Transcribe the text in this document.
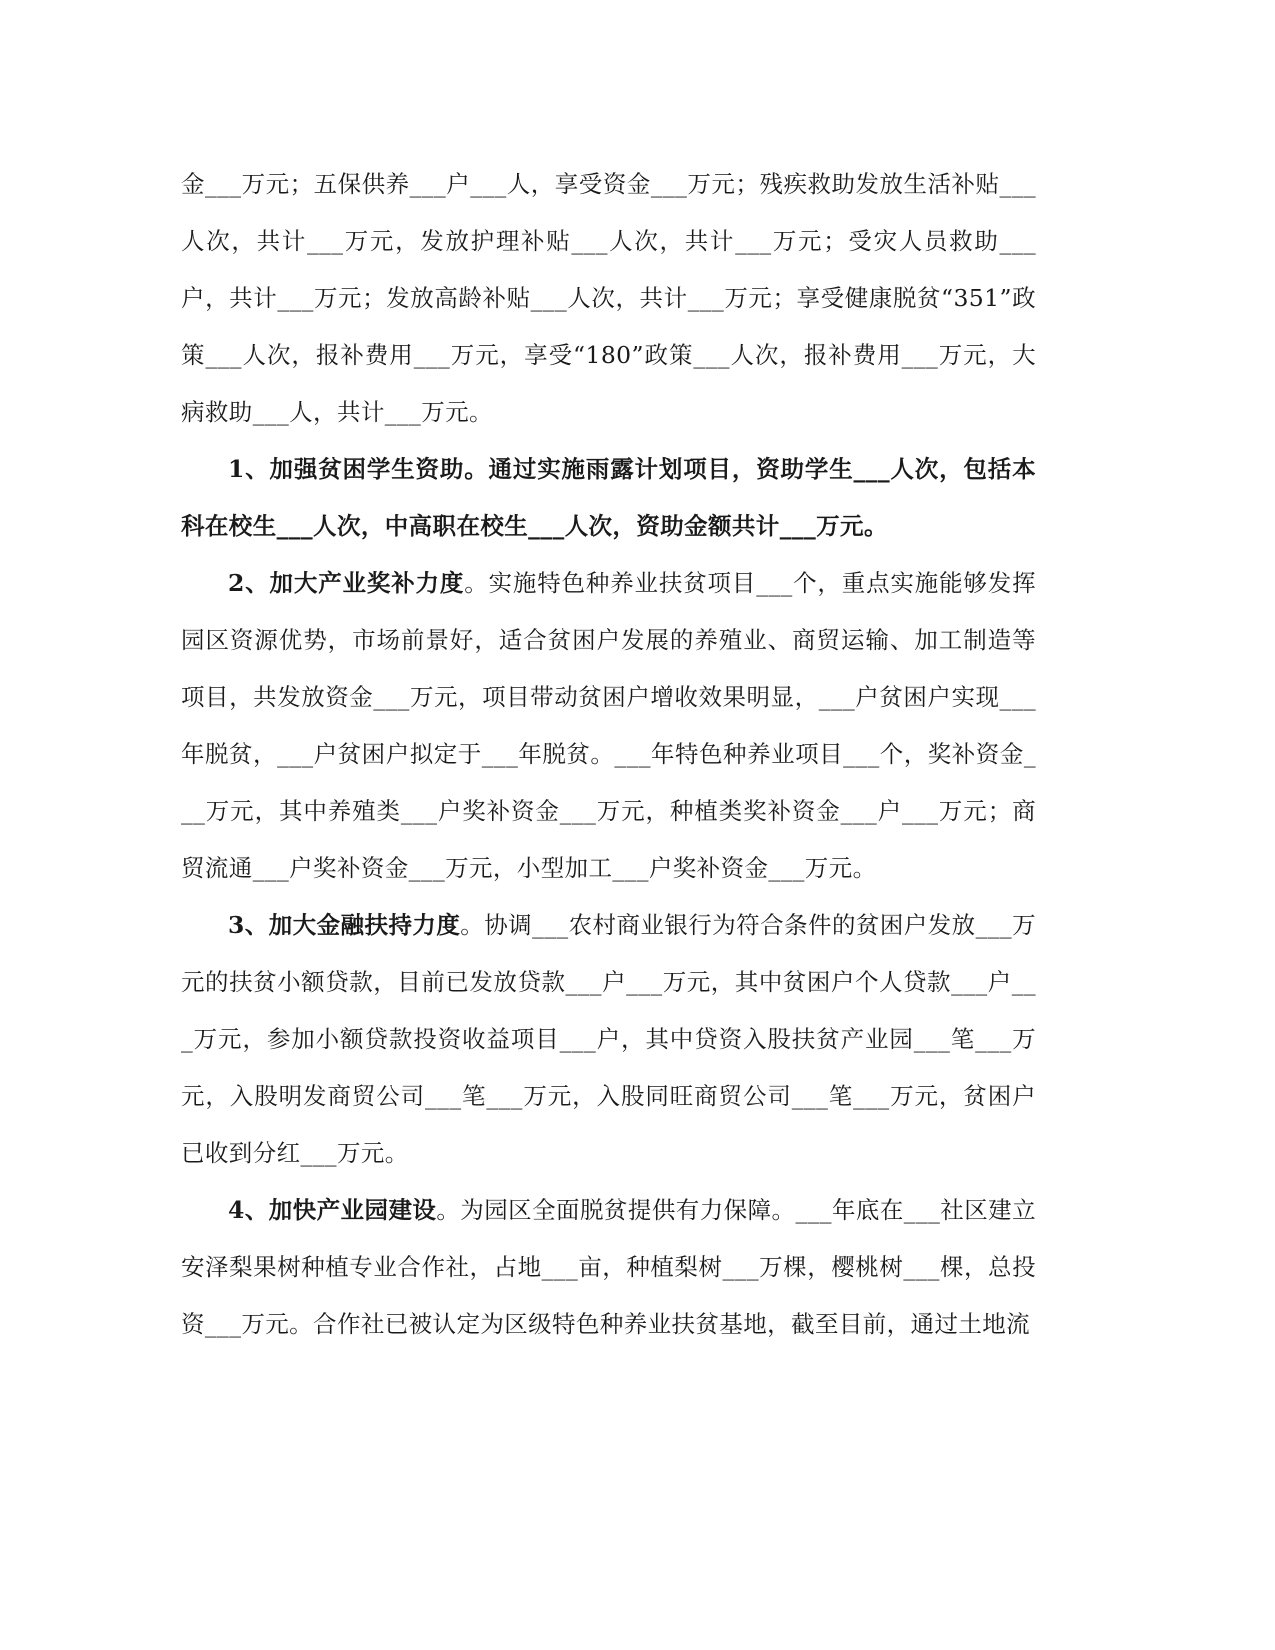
金___万元；五保供养___户___人，享受资金___万元；残疾救助发放生活补贴___人次，共计___万元，发放护理补贴___人次，共计___万元；受灾人员救助___户，共计___万元；发放高龄补贴___人次，共计___万元；享受健康脱贫“351”政策___人次，报补费用___万元，享受“180”政策___人次，报补费用___万元，大病救助___人，共计___万元。

1、加强贫困学生资助。通过实施雨露计划项目，资助学生___人次，包括本科在校生___人次，中高职在校生___人次，资助金额共计___万元。

2、加大产业奖补力度。实施特色种养业扶贫项目___个，重点实施能够发挥园区资源优势，市场前景好，适合贫困户发展的养殖业、商贸运输、加工制造等项目，共发放资金___万元，项目带动贫困户增收效果明显，___户贫困户实现___年脱贫，___户贫困户拟定于___年脱贫。___年特色种养业项目___个，奖补资金___万元，其中养殖类___户奖补资金___万元，种植类奖补资金___户___万元；商贸流通___户奖补资金___万元，小型加工___户奖补资金___万元。

3、加大金融扶持力度。协调___农村商业银行为符合条件的贫困户发放___万元的扶贫小额贷款，目前已发放贷款___户___万元，其中贫困户个人贷款___户___万元，参加小额贷款投资收益项目___户，其中贷资入股扶贫产业园___笔___万元，入股明发商贸公司___笔___万元，入股同旺商贸公司___笔___万元，贫困户已收到分红___万元。

4、加快产业园建设。为园区全面脱贫提供有力保障。___年底在___社区建立安泽梨果树种植专业合作社，占地___亩，种植梨树___万棵，樱桃树___棵，总投资___万元。合作社已被认定为区级特色种养业扶贫基地，截至目前，通过土地流
